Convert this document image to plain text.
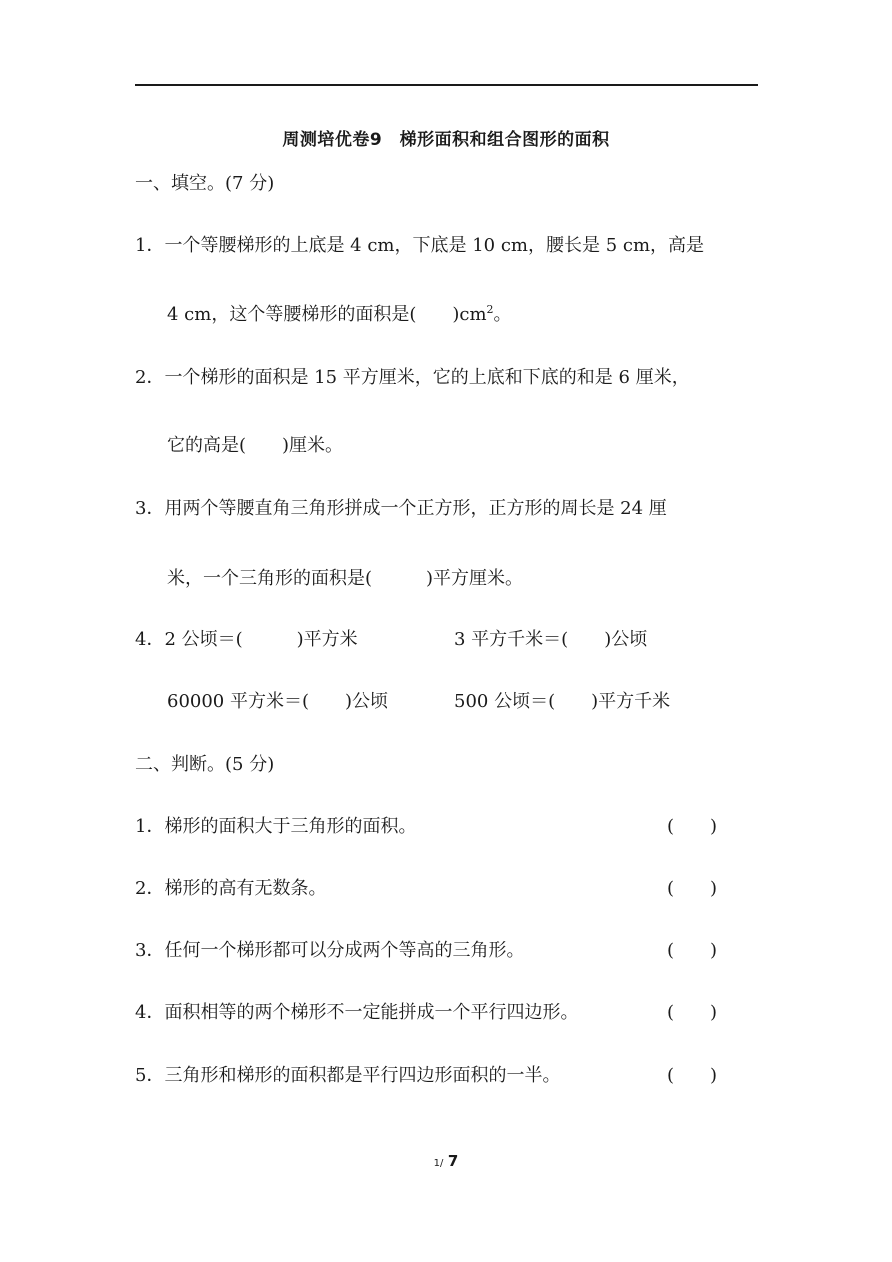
周测培优卷9　梯形面积和组合图形的面积
一、填空。(7 分)
1．一个等腰梯形的上底是 4 cm，下底是 10 cm，腰长是 5 cm，高是
4 cm，这个等腰梯形的面积是(　　)$cm^2$。
2．一个梯形的面积是 15 平方厘米，它的上底和下底的和是 6 厘米，
它的高是(　　)厘米。
3．用两个等腰直角三角形拼成一个正方形，正方形的周长是 24 厘
米，一个三角形的面积是(　　　)平方厘米。
4．2 公顷＝(　　　)平方米	3 平方千米＝(　　)公顷
60000 平方米＝(　　)公顷	500 公顷＝(　　)平方千米
二、判断。(5 分)
1．梯形的面积大于三角形的面积。	(　　)
2．梯形的高有无数条。	(　　)
3．任何一个梯形都可以分成两个等高的三角形。	(　　)
4．面积相等的两个梯形不一定能拼成一个平行四边形。	(　　)
5．三角形和梯形的面积都是平行四边形面积的一半。	(　　)
1/ 7
